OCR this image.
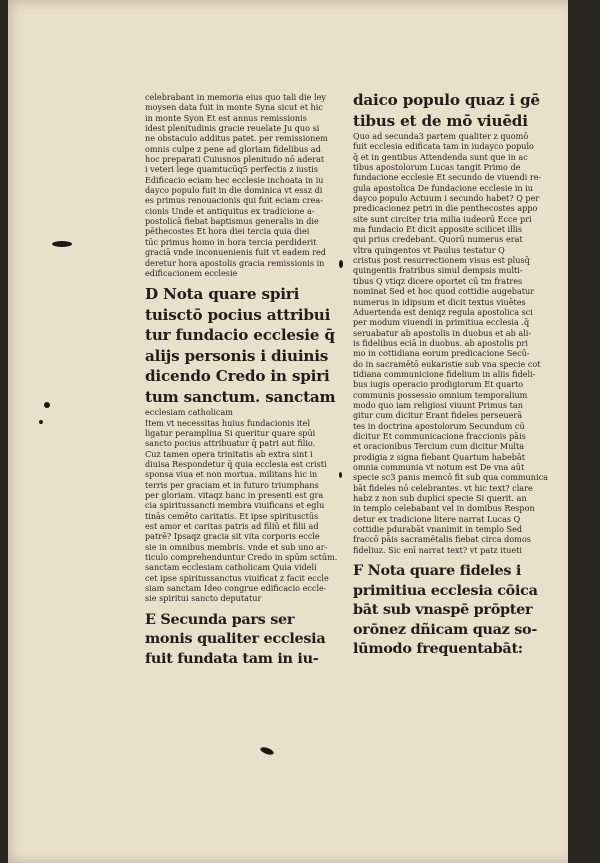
celebrabant in memoria eius quo tali die ley
moysen data fuit in monte Syna sicut et hic
in monte Syon Et est annus remissionis
idest plenitudinis gracie reuelate Ju quo si
ne obstaculo additus patet. per remissionem
omnis culpe z pene ad gloriam fidelibus ad
hoc preparati Cuiusnos plenitudo nō aderat
i veteri lege quamtucūq5 perfectis z iustis
Edificacio eciam hec ecclesie inchoata in iu
dayco populo fuit in die dominica vt essz di
es primus renouacionis qui fuit eciam crea-
cionis Unde et antiquitus ex tradicione a-
postolicā fiebat baptismus generalis in die
pēthecostes Et hora diei tercia quia diei
tūc primus homo in hora tercia perdiderit
graciā vnde inconuenienis fuit vt eadem red
deretur hora apostolis gracia remissionis in
edificacionem ecclesie
D Nota quare spiri
tuisctō pocius attribui
tur fundacio ecclesie q̄
alijs personis i diuinis
dicendo Credo in spiri
tum sanctum. sanctam
ecclesiam catholicam
Item vt necessitas huius fundacionis itel
ligatur perampliua Si queritur quare spūi
sancto pocius attribuatur q̄ patri aut filio.
Cuz tamen opera trinitatis ab extra sint i
diuisa Respondetur q̄ quia ecclesia est cristi
sponsa viua et non mortua. militans hic in
terris per graciam et in futuro triumphans
per gloriam. vitaqz hanc in presenti est gra
cia spiritussancti membra viuificans et eglu
tinās cemēto caritatis. Et ipse spiritusctūs
est amor et caritas patris ad filiū et filii ad
patrē? Ipsaqz gracia sit vita corporis eccle
sie in omnibus membris. vnde et sub uno ar-
ticulo comprehenduntur Credo in spūm sctūm.
sanctam ecclesiam catholicam Quia videli
cet ipse spiritussanctus viuificat z facit eccle
siam sanctam Ideo congrue edificacio eccle-
sie spiritui sancto deputatur
E Secunda pars ser
monis qualiter ecclesia
fuit fundata tam in iu-
daico populo quaz i gē
tibus et de mō viuēdi
Quo ad secunda3 partem qualiter z quomō
fuit ecclesia edificata tam in iudayco populo
q̄ et in gentibus Attendenda sunt que in ac
tibus apostolorum Lucas tangit Primo de
fundacione ecclesie Et secundo de viuendi re-
gula apostolica De fundacione ecclesie in iu
dayco populo Actuum i secundo habet? Q per
predicacionez petri in die penthecostes appo
site sunt circiter tria milia iudeorū Ecce pri
ma fundacio Et dicit apposite scilicet illis
qui prius credebant. Quorū numerus erat
vltra quingentos vt Paulus testatur Q
cristus post resurrectionem visus est plusq̄
quingentis fratribus simul dempsis multi-
tibus Q vtiqz dicere oportet cū tm fratres
nominat Sed et hoc quod cottidie augebatur
numerus in idipsum et dicit textus viuētes
Aduertenda est deniqz regula apostolica sci
per modum viuendi in primitiua ecclesia .q̄
seruabatur ab apostolis in duobus et ab ali-
is fidelibus eciā in duobus. ab apostolis pri
mo in cottidiana eorum predicacione Secū-
do in sacramētō eukaristie sub vna specie cot
tidiana communicione fidelium in aliis fideli-
bus iugis operacio prodigiorum Et quarto
communis possessio omnium temporalium
modo quo iam religiosi viuunt Primus tan
gitur cum dicitur Erant fideles perseuerā
tes in doctrina apostolorum Secundum cū
dicitur Et communicacione fraccionis pāis
et oracionibus Tercium cum dicitur Multa
prodigia z signa fiebant Quartum habebāt
omnia communia vt notum est De vna aūt
specie sc3 panis memcō fit sub qua communica
bāt fideles nō celebrantes. vt hic text? clare
habz z non sub duplici specie Si querit. an
in templo celebabant vel in domibus Respon
detur ex tradicione litere narrat Lucas Q
cottidie pdurabāt vnanimit in templo Sed
fraccō pāis sacramētalis fiebat circa domos
fideliuz. Sic enī narrat text? vt patz itueti
F Nota quare fideles i
primitiua ecclesia cōica
bāt sub vnaspē prōpter
orōnez dñicam quaz so-
lūmodo frequentabāt:
